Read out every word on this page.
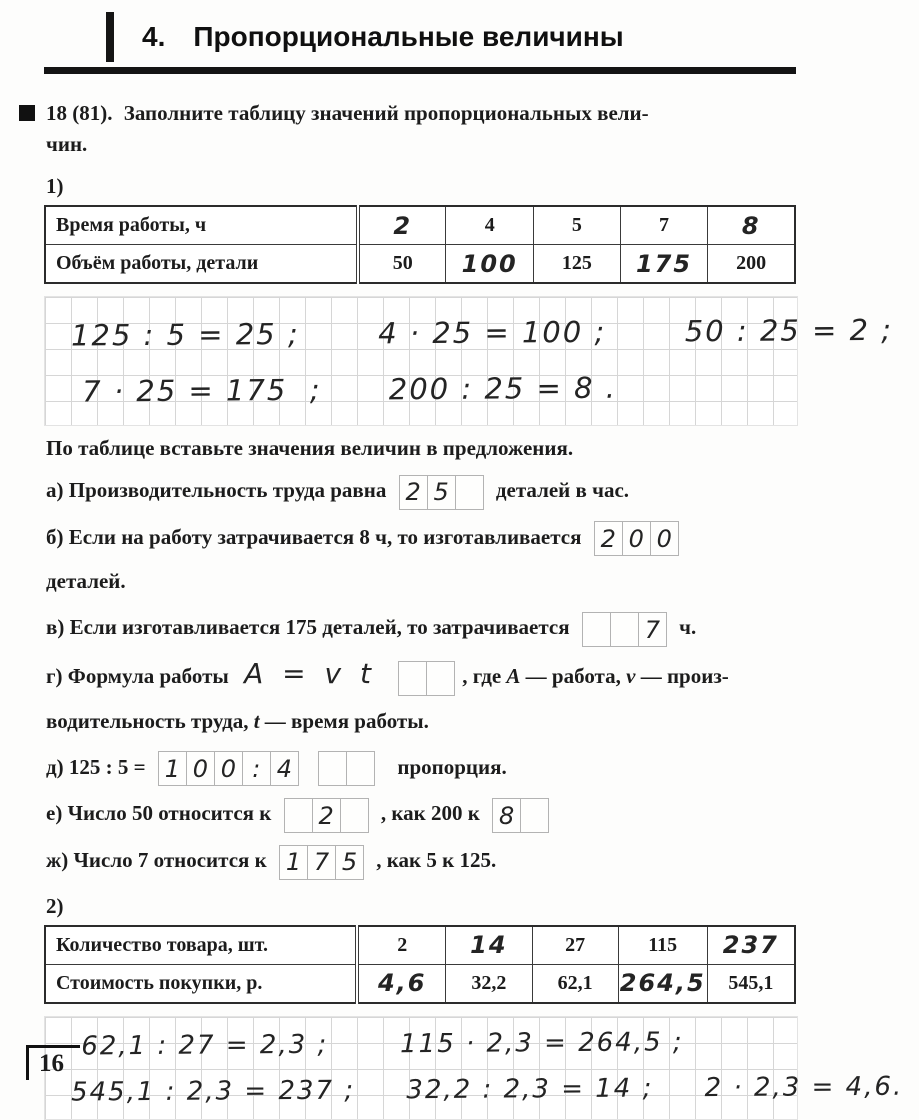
4. Пропорциональные величины
18 (81). Заполните таблицу значений пропорциональных вели-
чин.
1)
Время работы, ч	2	4	5	7	8
Объём работы, детали	50	100	125	175	200
125 : 5 = 25 ;       4 · 25 = 100 ;       50 : 25 = 2 ;
7 · 25 = 175  ;      200 : 25 = 8 .
По таблице вставьте значения величин в предложения.
а) Производительность труда равна 2 5	деталей в час.
б) Если на работу затрачивается 8 ч, то изготавливается 2 0 0
деталей.
в) Если изготавливается 175 деталей, то затрачивается	7 ч.
г) Формула работы A = v t	, где A — работа, v — произ-
водительность труда, t — время работы.
д) 125 : 5 = 1 0 0 : 4
	пропорция.
е) Число 50 относится к 2	, как 200 к 8
ж) Число 7 относится к 1 7 5 , как 5 к 125.
2)
Количество товара, шт.	2	14	27	115	237
Стоимость покупки, р.	4,6	32,2	62,1	264,5	545,1
62,1 : 27 = 2,3 ;       115 · 2,3 = 264,5 ;
545,1 : 2,3 = 237 ;     32,2 : 2,3 = 14 ;     2 · 2,3 = 4,6.
16
